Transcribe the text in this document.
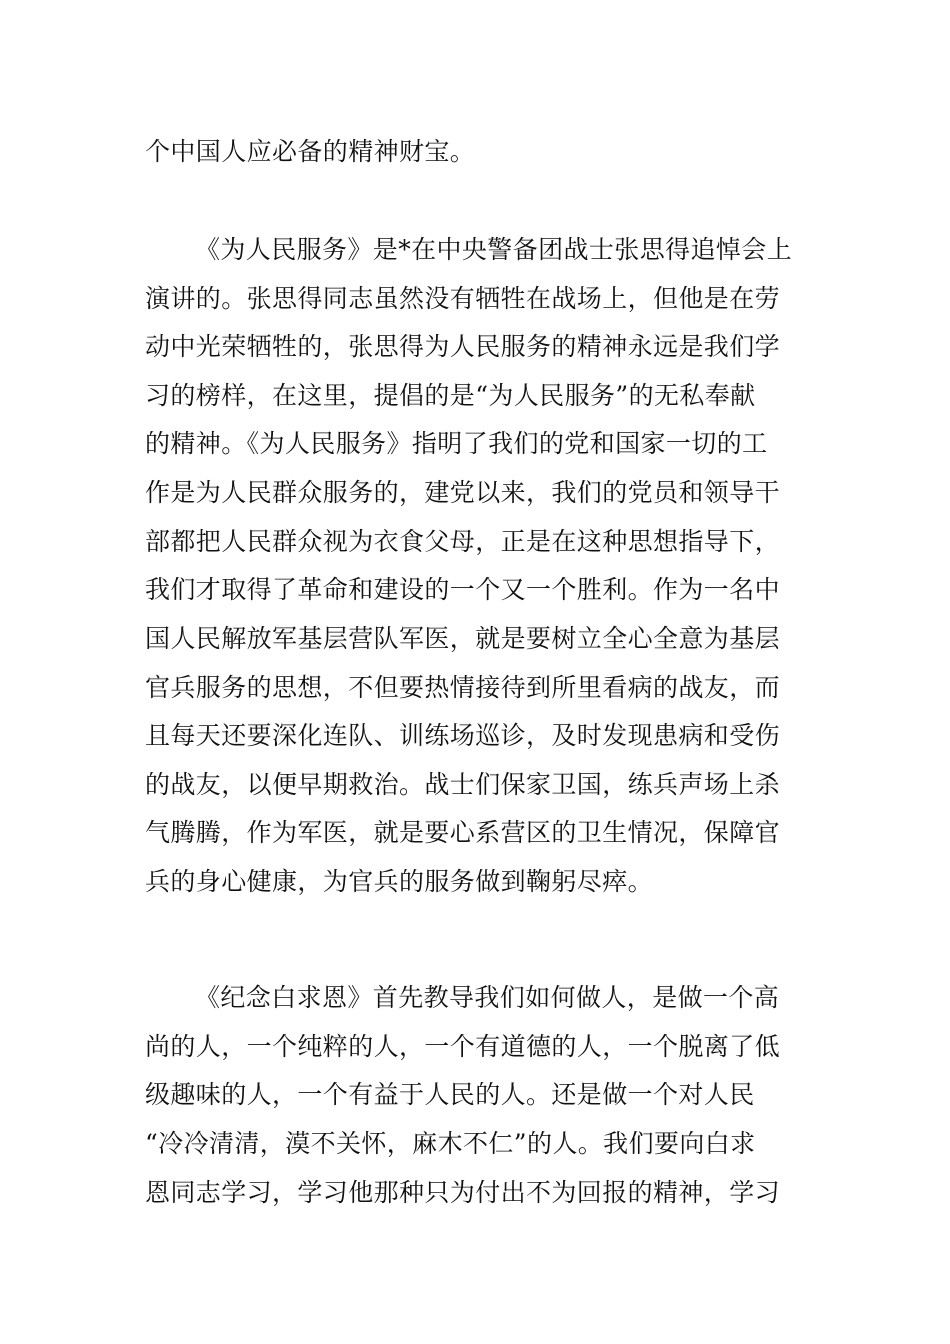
个中国人应必备的精神财宝。
《为人民服务》是*在中央警备团战士张思得追悼会上
演讲的。张思得同志虽然没有牺牲在战场上，但他是在劳
动中光荣牺牲的，张思得为人民服务的精神永远是我们学
习的榜样，在这里，提倡的是“为人民服务”的无私奉献
的精神。《为人民服务》指明了我们的党和国家一切的工
作是为人民群众服务的，建党以来，我们的党员和领导干
部都把人民群众视为衣食父母，正是在这种思想指导下，
我们才取得了革命和建设的一个又一个胜利。作为一名中
国人民解放军基层营队军医，就是要树立全心全意为基层
官兵服务的思想，不但要热情接待到所里看病的战友，而
且每天还要深化连队、训练场巡诊，及时发现患病和受伤
的战友，以便早期救治。战士们保家卫国，练兵声场上杀
气腾腾，作为军医，就是要心系营区的卫生情况，保障官
兵的身心健康，为官兵的服务做到鞠躬尽瘁。
《纪念白求恩》首先教导我们如何做人，是做一个高
尚的人，一个纯粹的人，一个有道德的人，一个脱离了低
级趣味的人，一个有益于人民的人。还是做一个对人民
“冷冷清清，漠不关怀，麻木不仁”的人。我们要向白求
恩同志学习，学习他那种只为付出不为回报的精神，学习
